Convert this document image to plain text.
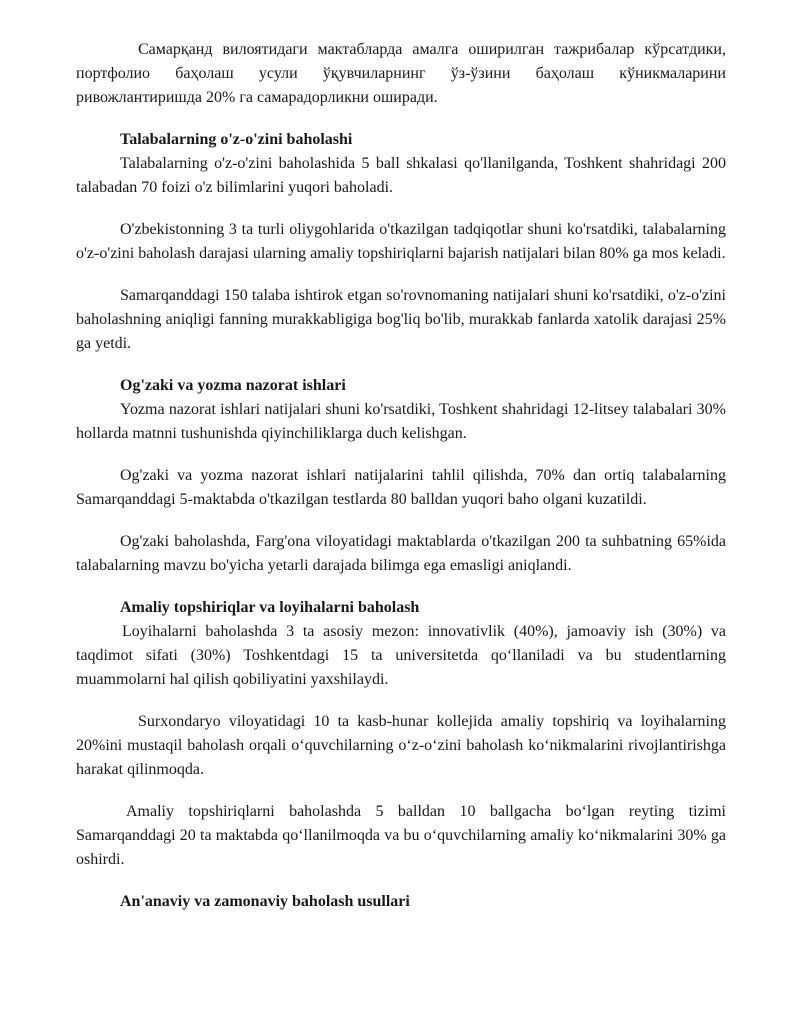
Самарқанд вилоятидаги мактабларда амалга оширилган тажрибалар кўрсатдики, портфолио баҳолаш усули ўқувчиларнинг ўз-ўзини баҳолаш кўникмаларини ривожлантиришда 20% га самарадорликни оширади.

Talabalarning o'z-o'zini baholashi

Talabalarning o'z-o'zini baholashida 5 ball shkalasi qo'llanilganda, Toshkent shahridagi 200 talabadan 70 foizi o'z bilimlarini yuqori baholadi.

O'zbekistonning 3 ta turli oliygohlarida o'tkazilgan tadqiqotlar shuni ko'rsatdiki, talabalarning o'z-o'zini baholash darajasi ularning amaliy topshiriqlarni bajarish natijalari bilan 80% ga mos keladi.

Samarqanddagi 150 talaba ishtirok etgan so'rovnomaning natijalari shuni ko'rsatdiki, o'z-o'zini baholashning aniqligi fanning murakkabligiga bog'liq bo'lib, murakkab fanlarda xatolik darajasi 25% ga yetdi.

Og'zaki va yozma nazorat ishlari

Yozma nazorat ishlari natijalari shuni ko'rsatdiki, Toshkent shahridagi 12-litsey talabalari 30% hollarda matnni tushunishda qiyinchiliklarga duch kelishgan.

Og'zaki va yozma nazorat ishlari natijalarini tahlil qilishda, 70% dan ortiq talabalarning Samarqanddagi 5-maktabda o'tkazilgan testlarda 80 balldan yuqori baho olgani kuzatildi.

Og'zaki baholashda, Farg'ona viloyatidagi maktablarda o'tkazilgan 200 ta suhbatning 65%ida talabalarning mavzu bo'yicha yetarli darajada bilimga ega emasligi aniqlandi.

Amaliy topshiriqlar va loyihalarni baholash

Loyihalarni baholashda 3 ta asosiy mezon: innovativlik (40%), jamoaviy ish (30%) va taqdimot sifati (30%) Toshkentdagi 15 ta universitetda qoʻllaniladi va bu studentlarning muammolarni hal qilish qobiliyatini yaxshilaydi.

Surxondaryo viloyatidagi 10 ta kasb-hunar kollejida amaliy topshiriq va loyihalarning 20%ini mustaqil baholash orqali oʻquvchilarning oʻz-oʻzini baholash koʻnikmalarini rivojlantirishga harakat qilinmoqda.

Amaliy topshiriqlarni baholashda 5 balldan 10 ballgacha boʻlgan reyting tizimi Samarqanddagi 20 ta maktabda qoʻllanilmoqda va bu oʻquvchilarning amaliy koʻnikmalarini 30% ga oshirdi.

An'anaviy va zamonaviy baholash usullari
